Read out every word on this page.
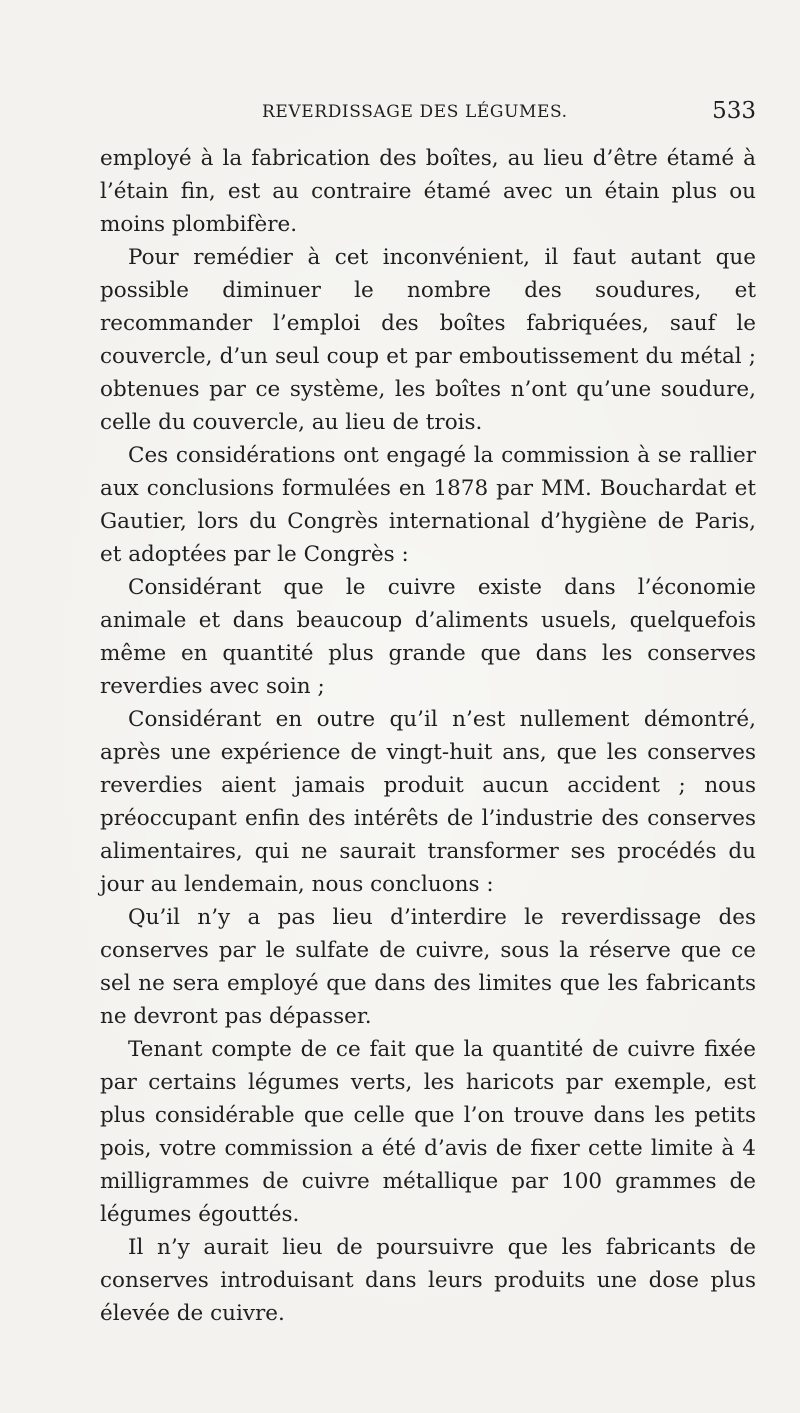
REVERDISSAGE DES LÉGUMES.	533

employé à la fabrication des boîtes, au lieu d’être étamé à l’étain fin, est au contraire étamé avec un étain plus ou moins plombifère.

Pour remédier à cet inconvénient, il faut autant que possible diminuer le nombre des soudures, et recommander l’emploi des boîtes fabriquées, sauf le couvercle, d’un seul coup et par emboutissement du métal ; obtenues par ce système, les boîtes n’ont qu’une soudure, celle du couvercle, au lieu de trois.

Ces considérations ont engagé la commission à se rallier aux conclusions formulées en 1878 par MM. Bouchardat et Gautier, lors du Congrès international d’hygiène de Paris, et adoptées par le Congrès :

Considérant que le cuivre existe dans l’économie animale et dans beaucoup d’aliments usuels, quelquefois même en quantité plus grande que dans les conserves reverdies avec soin ;

Considérant en outre qu’il n’est nullement démontré, après une expérience de vingt-huit ans, que les conserves reverdies aient jamais produit aucun accident ; nous préoccupant enfin des intérêts de l’industrie des conserves alimentaires, qui ne saurait transformer ses procédés du jour au lendemain, nous concluons :

Qu’il n’y a pas lieu d’interdire le reverdissage des conserves par le sulfate de cuivre, sous la réserve que ce sel ne sera employé que dans des limites que les fabricants ne devront pas dépasser.

Tenant compte de ce fait que la quantité de cuivre fixée par certains légumes verts, les haricots par exemple, est plus considérable que celle que l’on trouve dans les petits pois, votre commission a été d’avis de fixer cette limite à 4 milligrammes de cuivre métallique par 100 grammes de légumes égouttés.

Il n’y aurait lieu de poursuivre que les fabricants de conserves introduisant dans leurs produits une dose plus élevée de cuivre.
